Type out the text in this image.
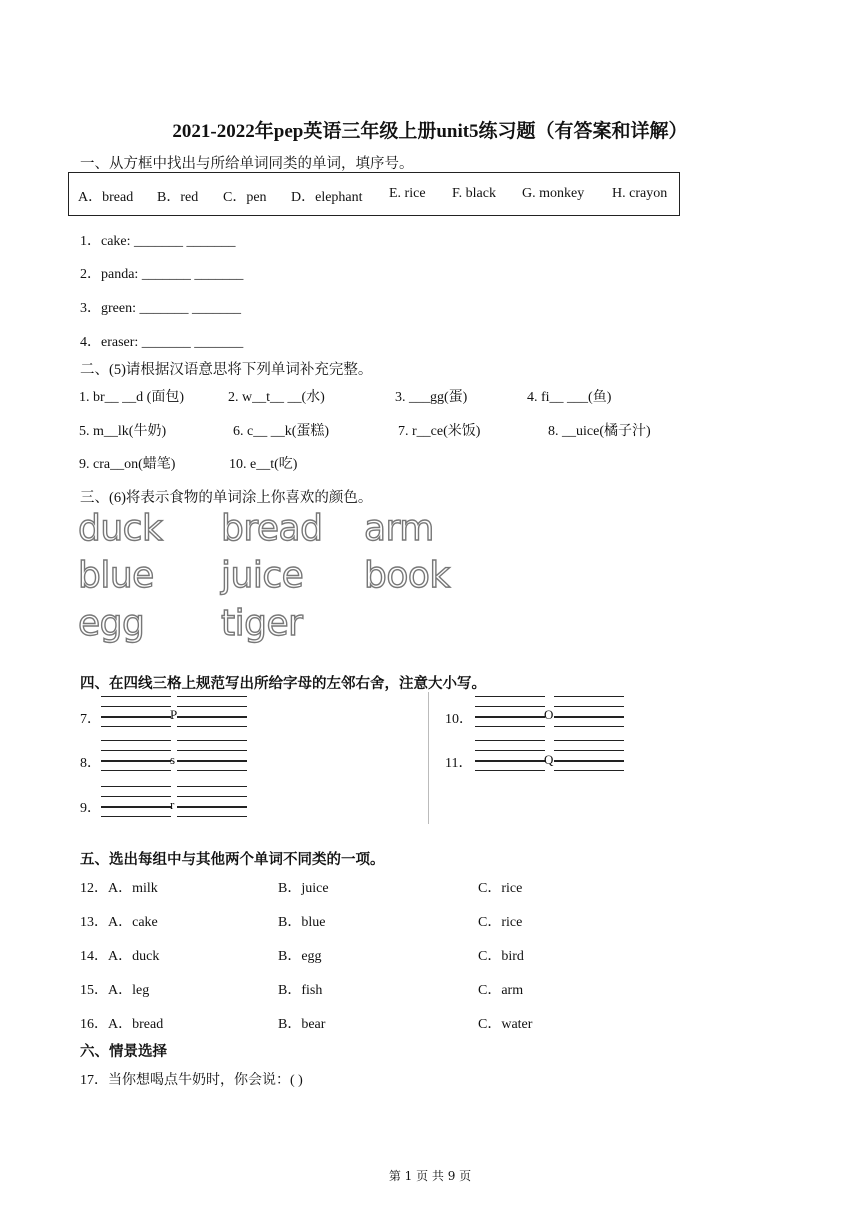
2021-2022年pep英语三年级上册unit5练习题（有答案和详解）
一、从方框中找出与所给单词同类的单词，填序号。
A．bread B．red C．pen D．elephant E. rice F. black G. monkey H. crayon
1．cake: _______ _______
2．panda: _______ _______
3．green: _______ _______
4．eraser: _______ _______
二、(5)请根据汉语意思将下列单词补充完整。
1. br__ __d (面包)	2. w__t__ __(水)	3. ___gg(蛋)	4. fi__ ___(鱼)
5. m__lk(牛奶)	6. c__ __k(蛋糕)	7. r__ce(米饭)	8. __uice(橘子汁)
9. cra__on(蜡笔)	10. e__t(吃)
三、(6)将表示食物的单词涂上你喜欢的颜色。
duck bread arm
blue juice book
egg tiger
四、在四线三格上规范写出所给字母的左邻右舍，注意大小写。
7．	P
8．	s
9．	r
10．	O
11．	Q
五、选出每组中与其他两个单词不同类的一项。
12．A．milk	B．juice	C．rice
13．A．cake	B．blue	C．rice
14．A．duck	B．egg	C．bird
15．A．leg	B．fish	C．arm
16．A．bread	B．bear	C．water
六、情景选择
17．当你想喝点牛奶时，你会说：( )
第 1 页 共 9 页
